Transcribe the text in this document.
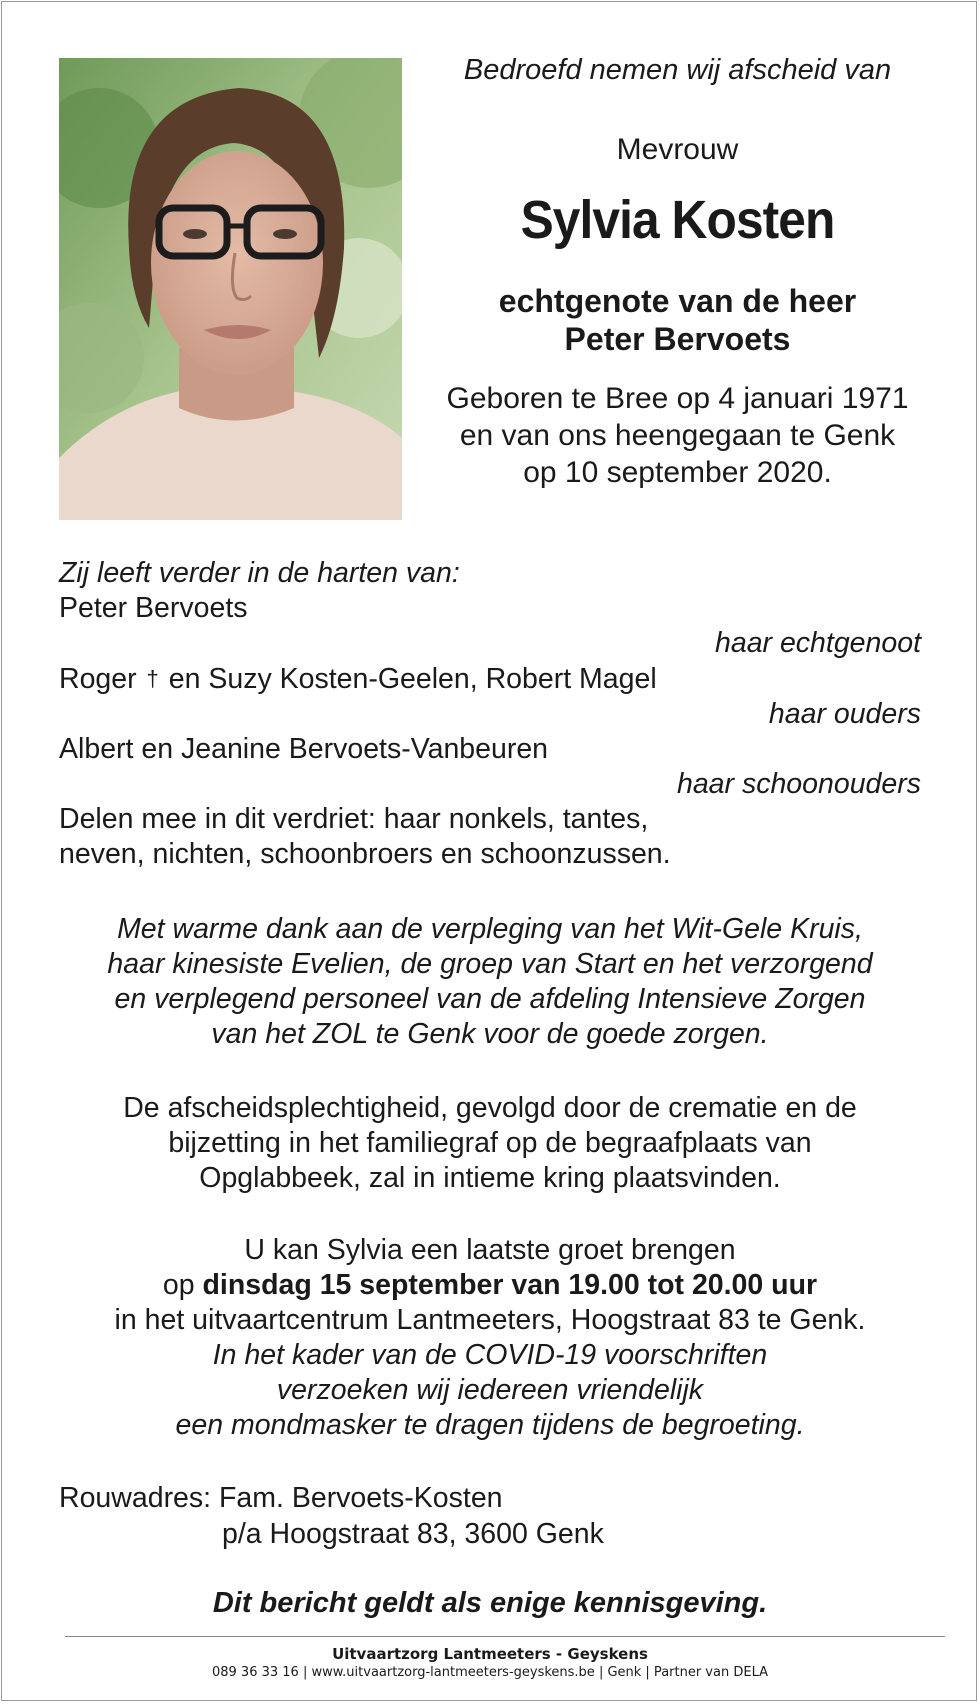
Bedroefd nemen wij afscheid van
Mevrouw
Sylvia Kosten
echtgenote van de heer
Peter Bervoets
Geboren te Bree op 4 januari 1971
en van ons heengegaan te Genk
op 10 september 2020.
Zij leeft verder in de harten van:
Peter Bervoets
haar echtgenoot
Roger † en Suzy Kosten-Geelen, Robert Magel
haar ouders
Albert en Jeanine Bervoets-Vanbeuren
haar schoonouders
Delen mee in dit verdriet: haar nonkels, tantes,
neven, nichten, schoonbroers en schoonzussen.
Met warme dank aan de verpleging van het Wit-Gele Kruis,
haar kinesiste Evelien, de groep van Start en het verzorgend
en verplegend personeel van de afdeling Intensieve Zorgen
van het ZOL te Genk voor de goede zorgen.
De afscheidsplechtigheid, gevolgd door de crematie en de
bijzetting in het familiegraf op de begraafplaats van
Opglabbeek, zal in intieme kring plaatsvinden.
U kan Sylvia een laatste groet brengen
op dinsdag 15 september van 19.00 tot 20.00 uur
in het uitvaartcentrum Lantmeeters, Hoogstraat 83 te Genk.
In het kader van de COVID-19 voorschriften
verzoeken wij iedereen vriendelijk
een mondmasker te dragen tijdens de begroeting.
Rouwadres: Fam. Bervoets-Kosten
p/a Hoogstraat 83, 3600 Genk
Dit bericht geldt als enige kennisgeving.
Uitvaartzorg Lantmeeters - Geyskens
089 36 33 16 | www.uitvaartzorg-lantmeeters-geyskens.be | Genk | Partner van DELA
